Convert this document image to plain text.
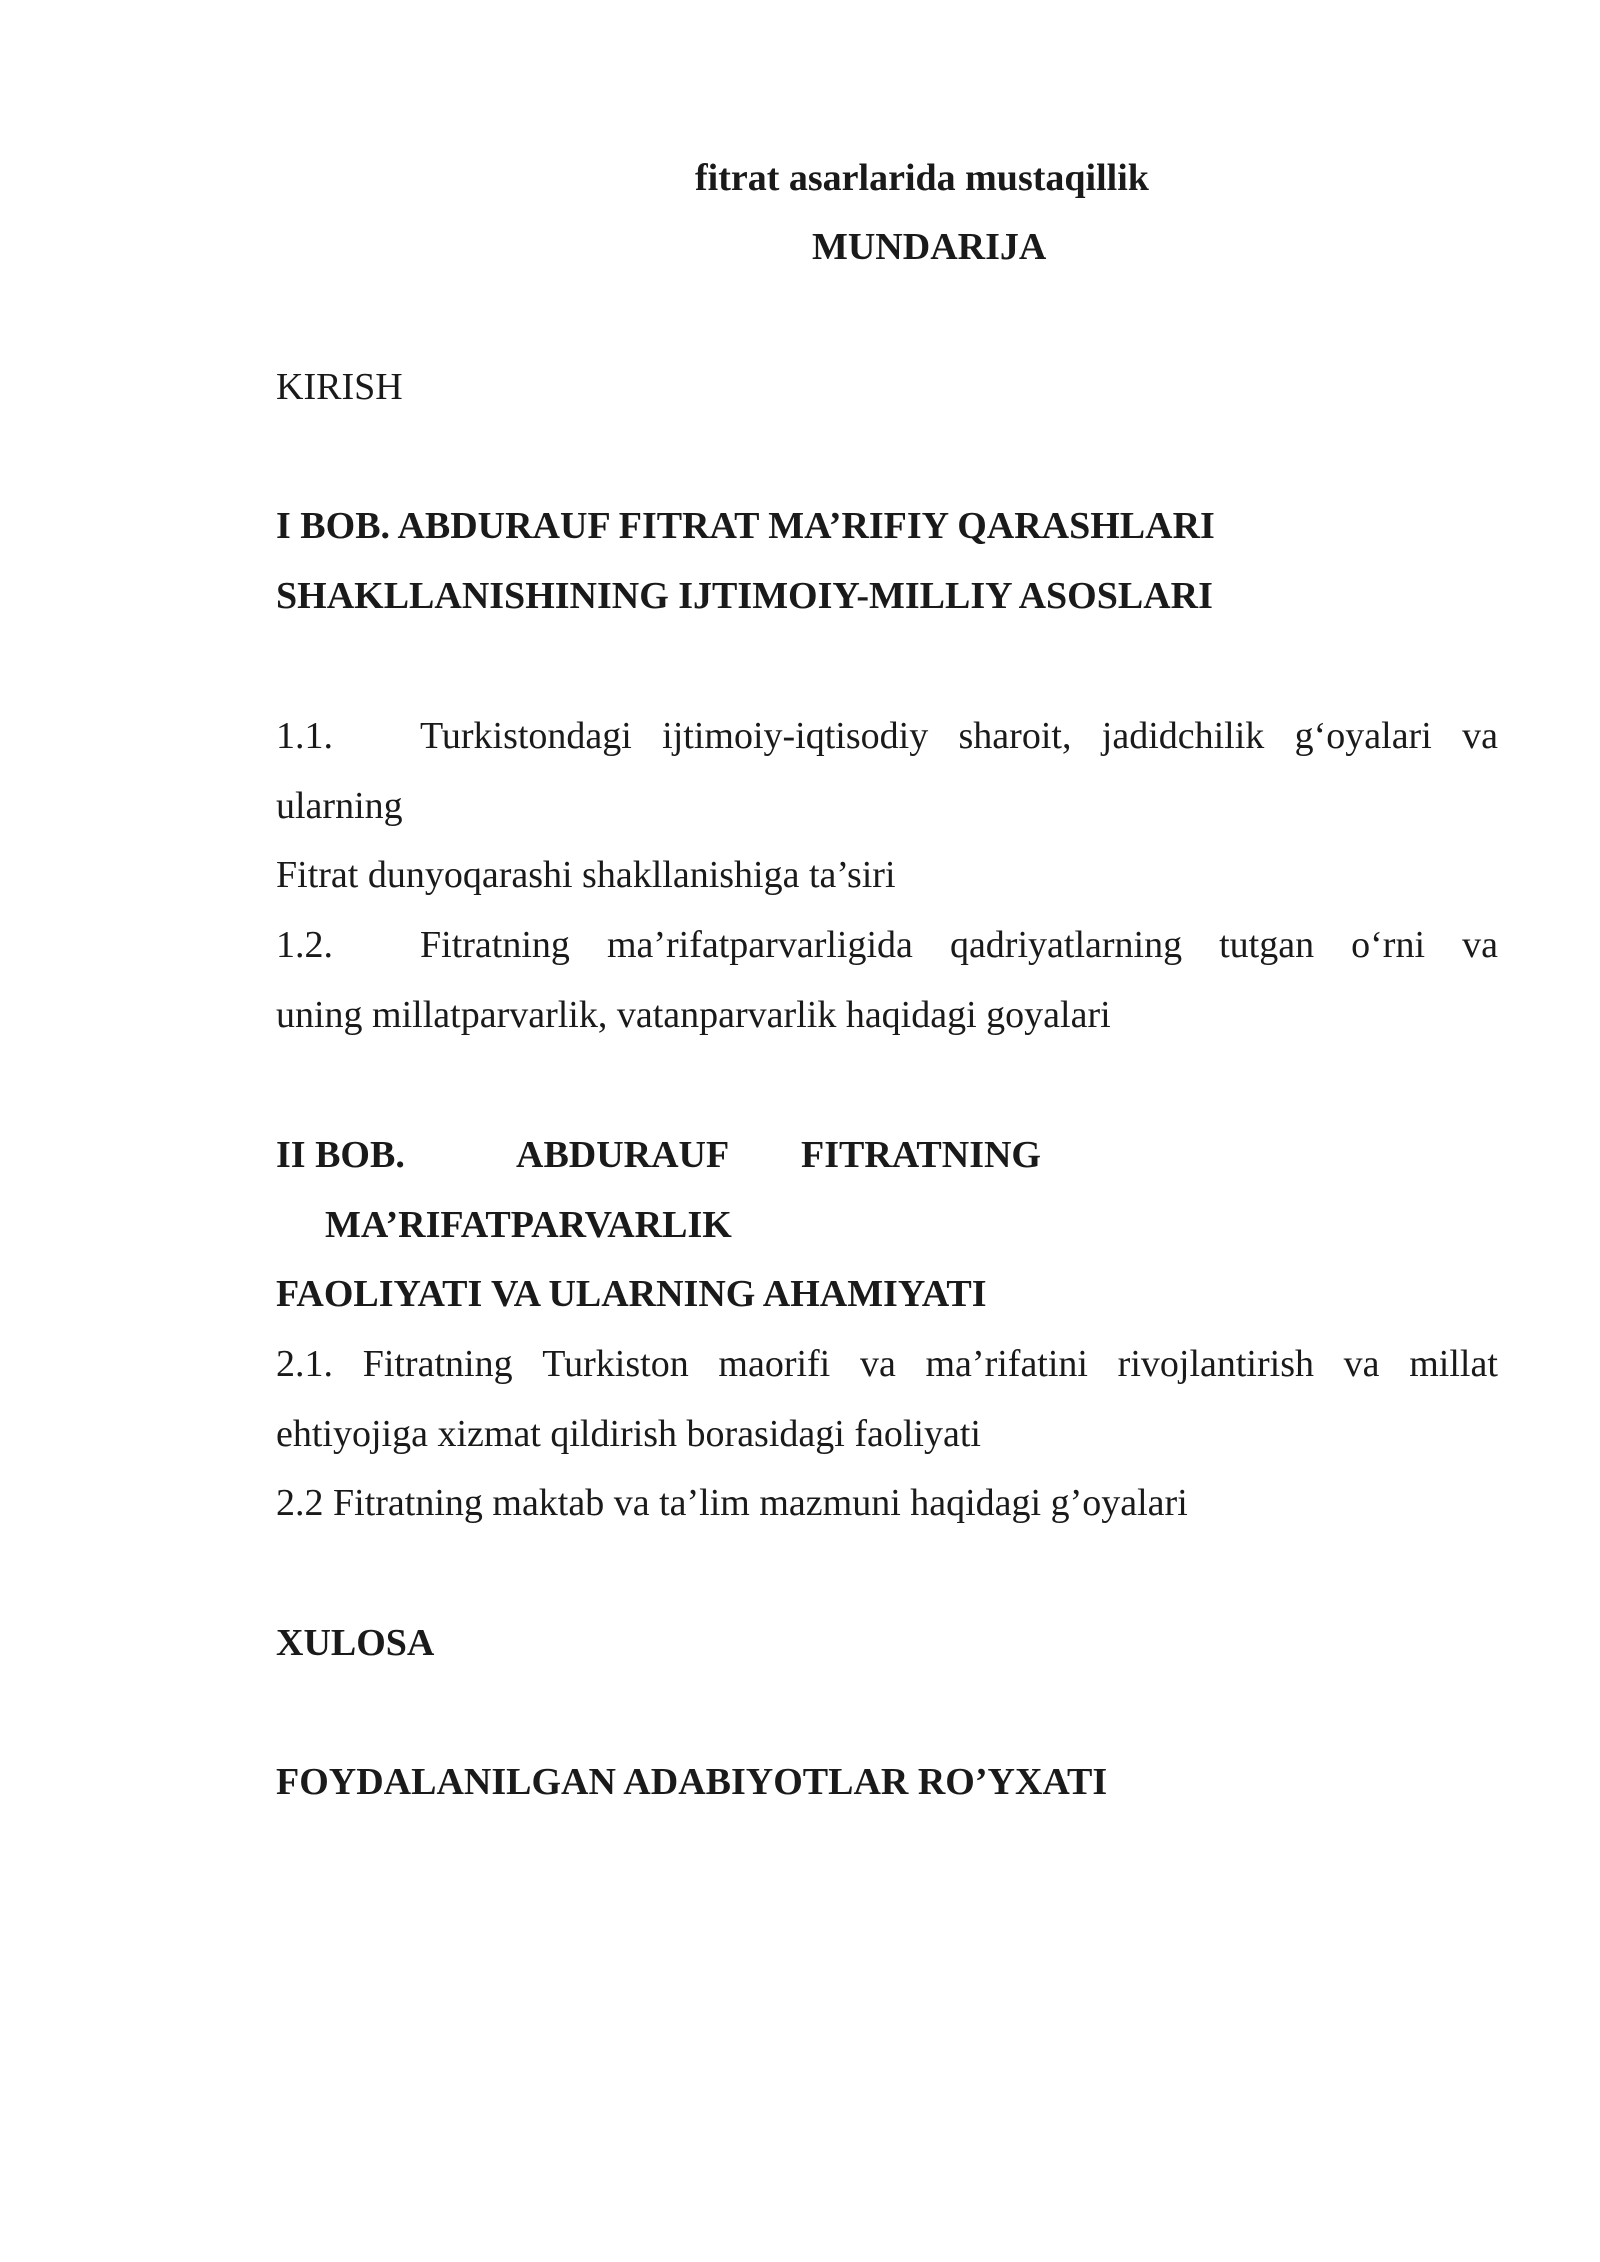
fitrat asarlarida mustaqillik
MUNDARIJA
KIRISH
I BOB. ABDURAUF FITRAT MA’RIFIY QARASHLARI
SHAKLLANISHINING IJTIMOIY-MILLIY ASOSLARI
1.1.	Turkistondagi ijtimoiy-iqtisodiy sharoit, jadidchilik g‘oyalari va
ularning
Fitrat dunyoqarashi shakllanishiga ta’siri
1.2.	Fitratning ma’rifatparvarligida qadriyatlarning tutgan o‘rni va
uning millatparvarlik, vatanparvarlik haqidagi goyalari
II BOB.	ABDURAUF FITRATNING
MA’RIFATPARVARLIK
FAOLIYATI VA ULARNING AHAMIYATI
2.1. Fitratning Turkiston maorifi va ma’rifatini rivojlantirish va millat
ehtiyojiga xizmat qildirish borasidagi faoliyati
2.2 Fitratning maktab va ta’lim mazmuni haqidagi g’oyalari
XULOSA
FOYDALANILGAN ADABIYOTLAR RO’YXATI
